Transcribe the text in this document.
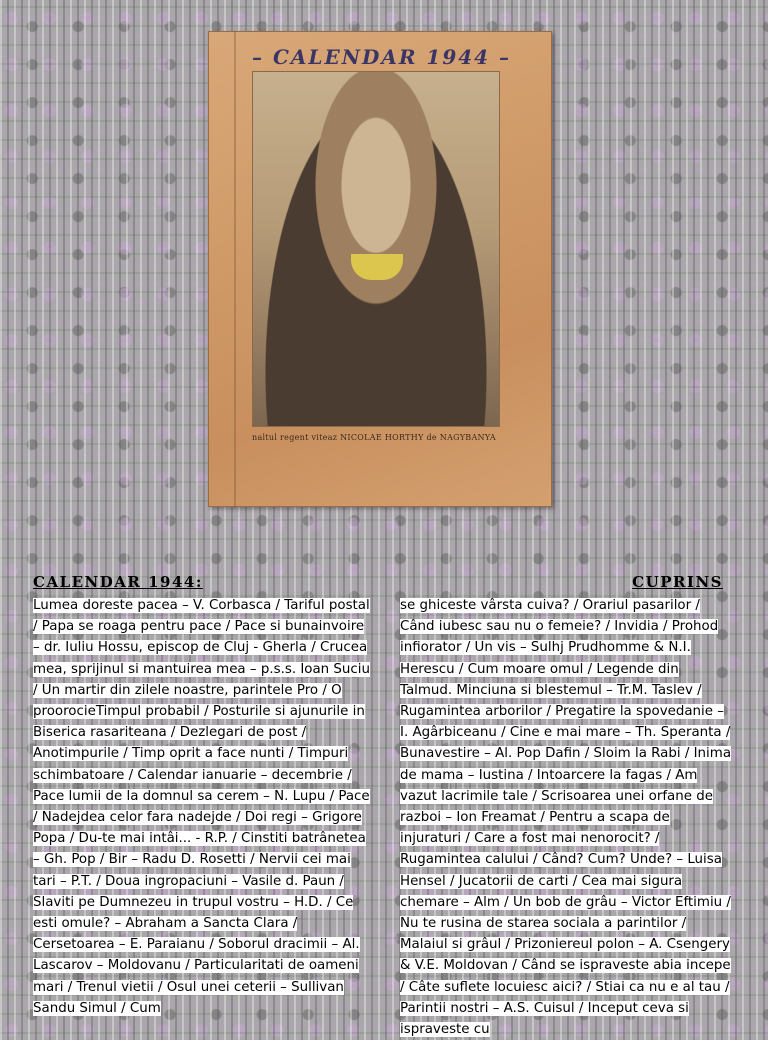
– CALENDAR 1944 –
naltul regent viteaz NICOLAE HORTHY de NAGYBANYA
CALENDAR 1944:	CUPRINS
Lumea doreste pacea – V. Corbasca / Tariful postal / Papa se roaga pentru pace / Pace si bunainvoire – dr. Iuliu Hossu, episcop de Cluj - Gherla / Crucea mea, sprijinul si mantuirea mea – p.s.s. Ioan Suciu / Un martir din zilele noastre, parintele Pro / O proorocieTimpul probabil / Posturile si ajunurile in Biserica rasariteana / Dezlegari de post / Anotimpurile / Timp oprit a face nunti / Timpuri schimbatoare / Calendar ianuarie – decembrie / Pace lumii de la domnul sa cerem – N. Lupu / Pace / Nadejdea celor fara nadejde / Doi regi – Grigore Popa / Du-te mai intâi... - R.P. / Cinstiti batrânetea – Gh. Pop / Bir – Radu D. Rosetti / Nervii cei mai tari – P.T. / Doua ingropaciuni – Vasile d. Paun / Slaviti pe Dumnezeu in trupul vostru – H.D. / Ce esti omule? – Abraham a Sancta Clara / Cersetoarea – E. Paraianu / Soborul dracimii – Al. Lascarov – Moldovanu / Particularitati de oameni mari / Trenul vietii / Osul unei ceterii – Sullivan Sandu Simul / Cum
se ghiceste vârsta cuiva? / Orariul pasarilor / Când iubesc sau nu o femeie? / Invidia / Prohod infiorator / Un vis – Sulhj Prudhomme & N.I. Herescu / Cum moare omul / Legende din Talmud. Minciuna si blestemul – Tr.M. Taslev / Rugamintea arborilor / Pregatire la spovedanie – I. Agârbiceanu / Cine e mai mare – Th. Speranta / Bunavestire – Al. Pop Dafin / Sloim la Rabi / Inima de mama – Iustina / Intoarcere la fagas / Am vazut lacrimile tale / Scrisoarea unei orfane de razboi – Ion Freamat / Pentru a scapa de injuraturi / Care a fost mai nenorocit? / Rugamintea calului / Când? Cum? Unde? – Luisa Hensel / Jucatorii de carti / Cea mai sigura chemare – Alm / Un bob de grâu – Victor Eftimiu / Nu te rusina de starea sociala a parintilor / Malaiul si grâul / Prizoniereul polon – A. Csengery & V.E. Moldovan / Când se ispraveste abia incepe / Câte suflete locuiesc aici? / Stiai ca nu e al tau / Parintii nostri – A.S. Cuisul / Inceput ceva si ispraveste cu
